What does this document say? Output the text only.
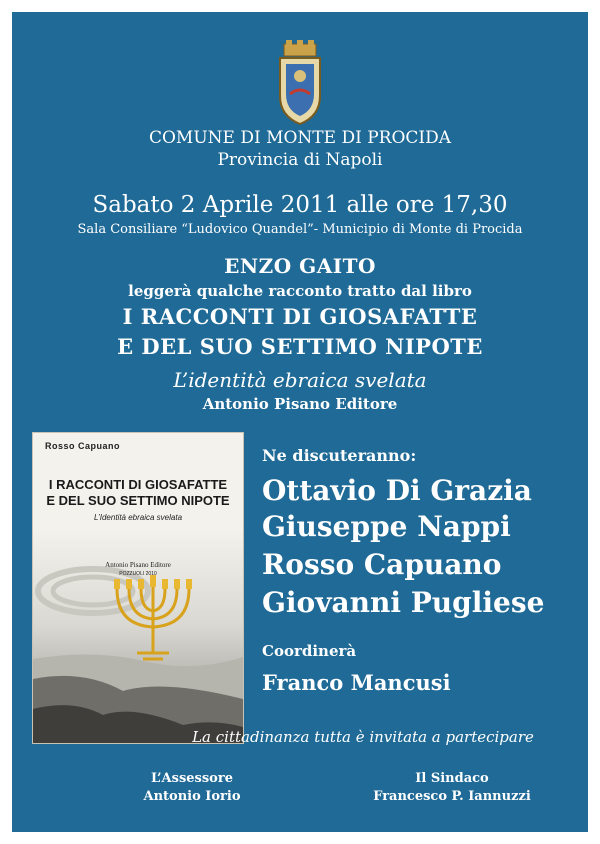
COMUNE DI MONTE DI PROCIDA
Provincia di Napoli
Sabato 2 Aprile 2011 alle ore 17,30
Sala Consiliare “Ludovico Quandel”- Municipio di Monte di Procida
ENZO GAITO
leggerà qualche racconto tratto dal libro
I RACCONTI DI GIOSAFATTE
E DEL SUO SETTIMO NIPOTE
L’identità ebraica svelata
Antonio Pisano Editore
Rosso Capuano
I RACCONTI DI GIOSAFATTE
E DEL SUO SETTIMO NIPOTE
L’Identità ebraica svelata
Antonio Pisano Editore
POZZUOLI 2010
Ne discuteranno:
Ottavio Di Grazia
Giuseppe Nappi
Rosso Capuano
Giovanni Pugliese
Coordinerà
Franco Mancusi
La cittadinanza tutta è invitata a partecipare
L’Assessore
Antonio Iorio
Il Sindaco
Francesco P. Iannuzzi
